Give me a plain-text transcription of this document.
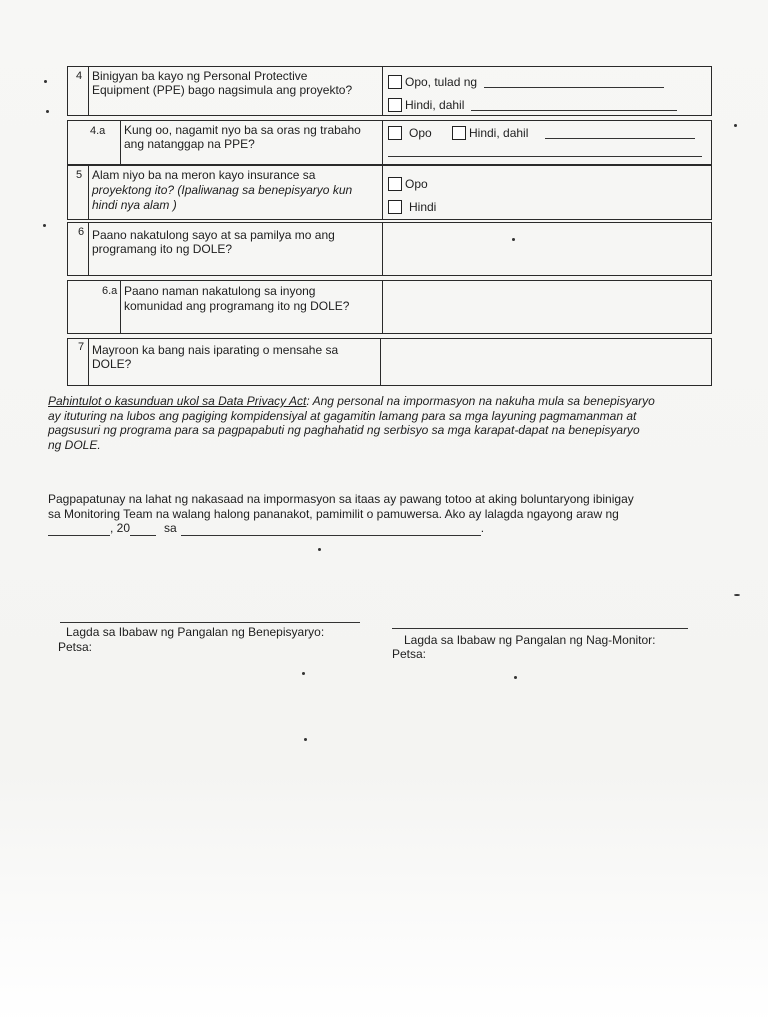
4 Binigyan ba kayo ng Personal Protective
Equipment (PPE) bago nagsimula ang proyekto?
Opo, tulad ng
Hindi, dahil
4.a Kung oo, nagamit nyo ba sa oras ng trabaho
ang natanggap na PPE?
Opo	Hindi, dahil
5 Alam niyo ba na meron kayo insurance sa
proyektong ito? (Ipaliwanag sa benepisyaryo kun
hindi nya alam )
Opo
Hindi
6 Paano nakatulong sayo at sa pamilya mo ang
programang ito ng DOLE?
6.a Paano naman nakatulong sa inyong
komunidad ang programang ito ng DOLE?
7 Mayroon ka bang nais iparating o mensahe sa
DOLE?
Pahintulot o kasunduan ukol sa Data Privacy Act: Ang personal na impormasyon na nakuha mula sa benepisyaryo
ay ituturing na lubos ang pagiging kompidensiyal at gagamitin lamang para sa mga layuning pagmamanman at
pagsusuri ng programa para sa pagpapabuti ng paghahatid ng serbisyo sa mga karapat-dapat na benepisyaryo
ng DOLE.
Pagpapatunay na lahat ng nakasaad na impormasyon sa itaas ay pawang totoo at aking boluntaryong ibinigay
sa Monitoring Team na walang halong pananakot, pamimilit o pamuwersa. Ako ay lalagda ngayong araw ng
, 20	sa	.
Lagda sa Ibabaw ng Pangalan ng Benepisyaryo:
Petsa:	Lagda sa Ibabaw ng Pangalan ng Nag-Monitor:
Petsa:
